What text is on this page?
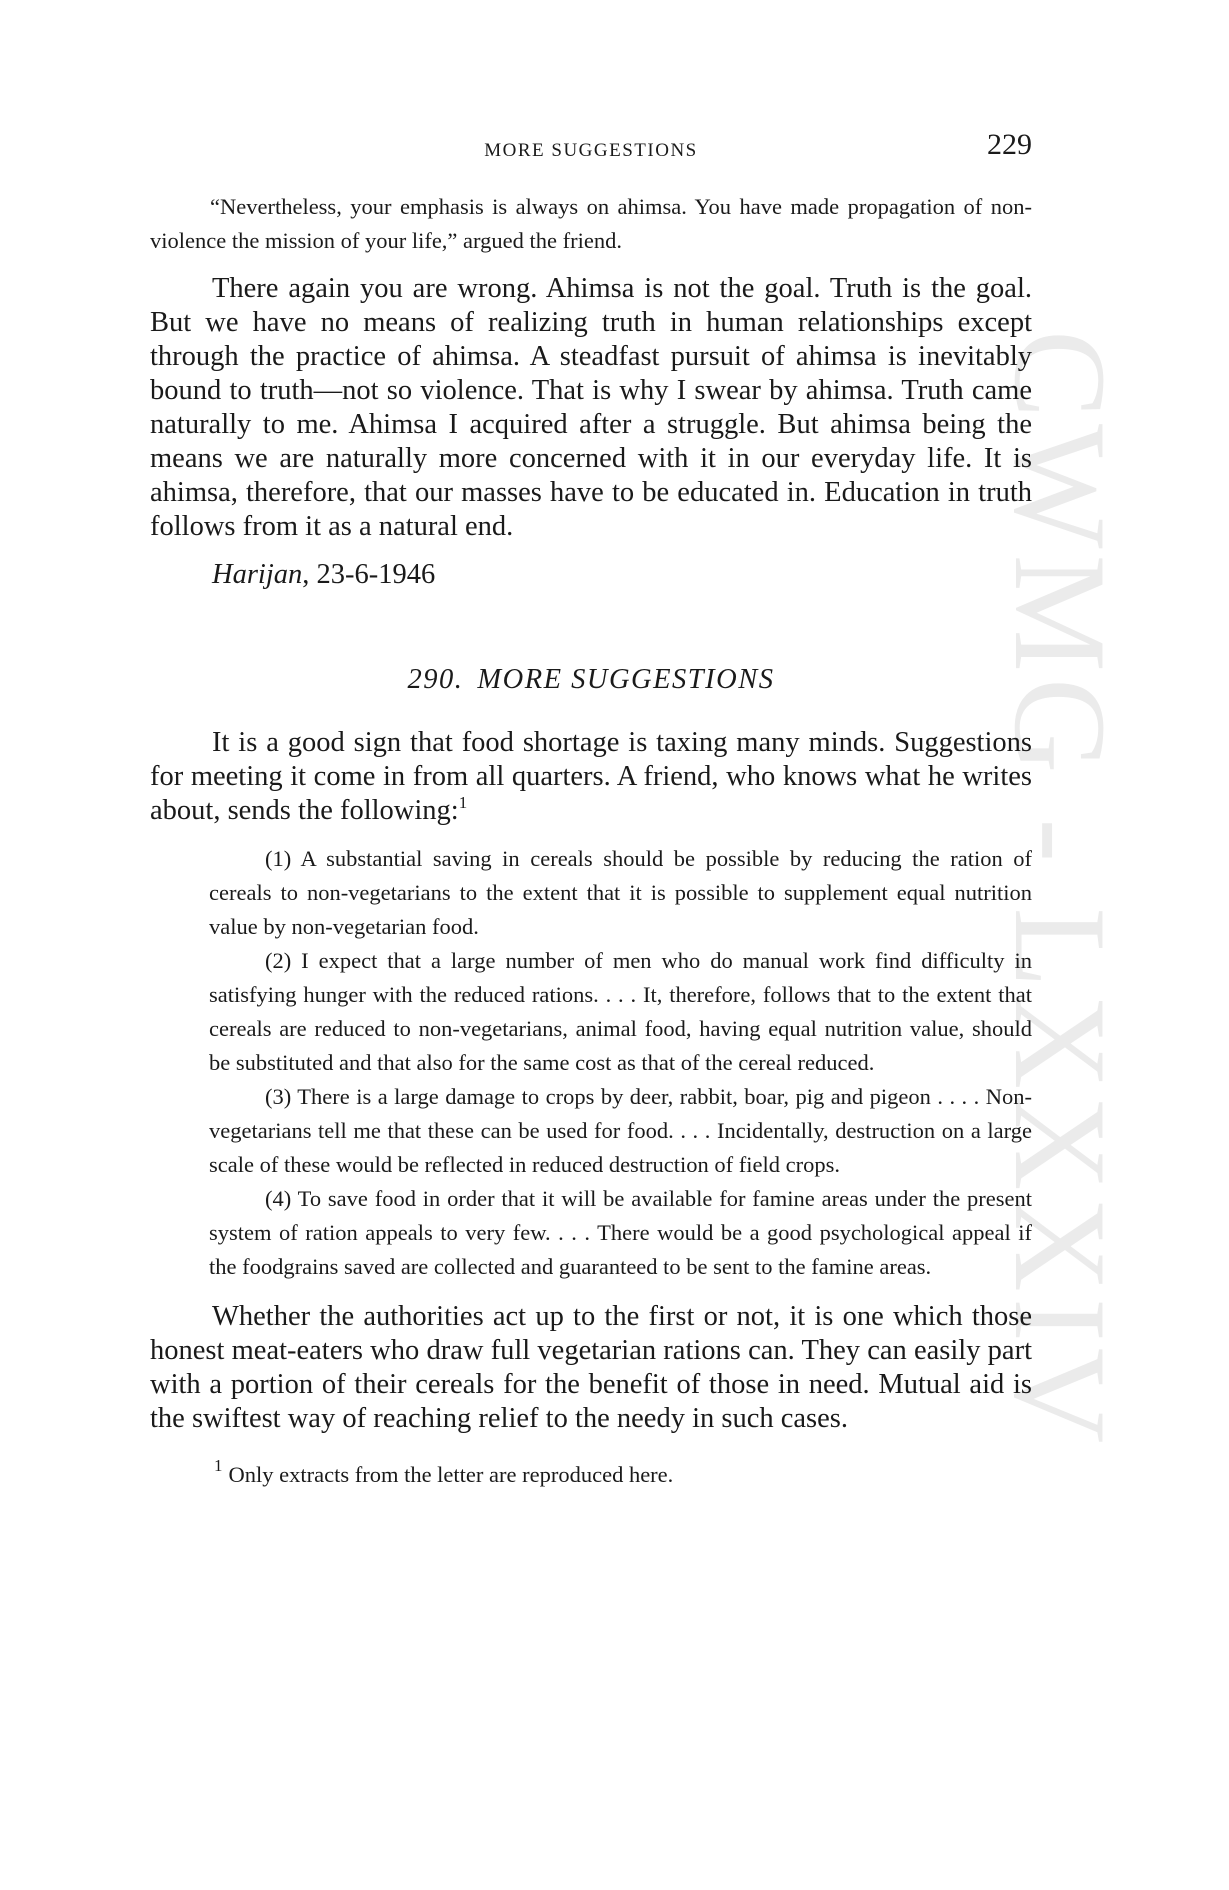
CWMG - LXXXIV
MORE SUGGESTIONS	229

“Nevertheless, your emphasis is always on ahimsa. You have made propagation of non-violence the mission of your life,” argued the friend.

There again you are wrong. Ahimsa is not the goal. Truth is the goal. But we have no means of realizing truth in human relationships except through the practice of ahimsa. A steadfast pursuit of ahimsa is inevitably bound to truth—not so violence. That is why I swear by ahimsa. Truth came naturally to me. Ahimsa I acquired after a struggle. But ahimsa being the means we are naturally more concerned with it in our everyday life. It is ahimsa, therefore, that our masses have to be educated in. Education in truth follows from it as a natural end.

Harijan, 23-6-1946
290. MORE SUGGESTIONS

It is a good sign that food shortage is taxing many minds. Suggestions for meeting it come in from all quarters. A friend, who knows what he writes about, sends the following:$^1$

(1) A substantial saving in cereals should be possible by reducing the ration of cereals to non-vegetarians to the extent that it is possible to supplement equal nutrition value by non-vegetarian food.

(2) I expect that a large number of men who do manual work find difficulty in satisfying hunger with the reduced rations. . . . It, therefore, follows that to the extent that cereals are reduced to non-vegetarians, animal food, having equal nutrition value, should be substituted and that also for the same cost as that of the cereal reduced.

(3) There is a large damage to crops by deer, rabbit, boar, pig and pigeon . . . . Non-vegetarians tell me that these can be used for food. . . . Incidentally, destruction on a large scale of these would be reflected in reduced destruction of field crops.

(4) To save food in order that it will be available for famine areas under the present system of ration appeals to very few. . . . There would be a good psychological appeal if the foodgrains saved are collected and guaranteed to be sent to the famine areas.

Whether the authorities act up to the first or not, it is one which those honest meat-eaters who draw full vegetarian rations can. They can easily part with a portion of their cereals for the benefit of those in need. Mutual aid is the swiftest way of reaching relief to the needy in such cases.

$^1$ Only extracts from the letter are reproduced here.
